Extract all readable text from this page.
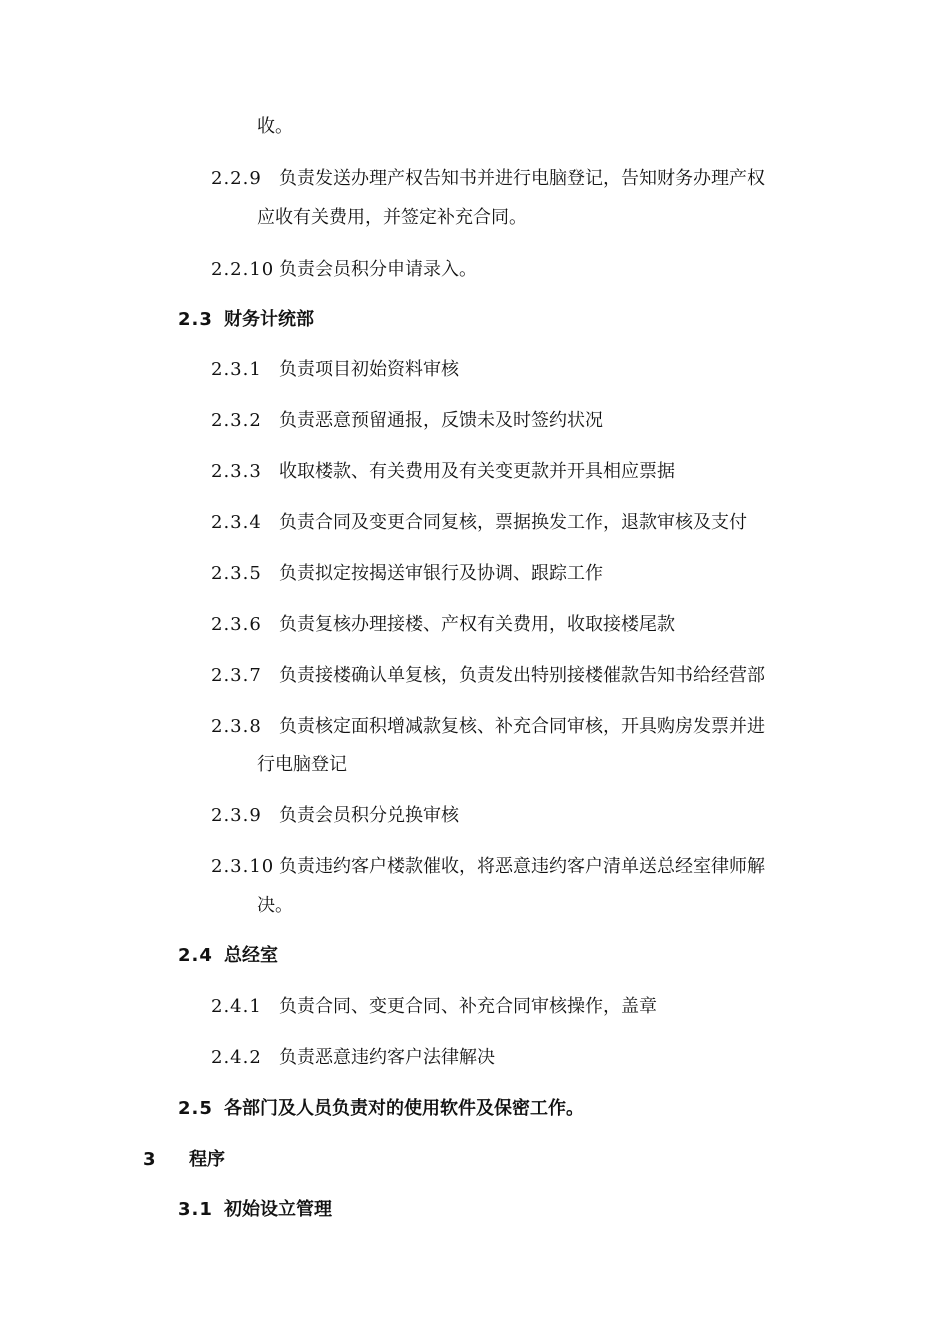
收。
2.2.9 负责发送办理产权告知书并进行电脑登记，告知财务办理产权
应收有关费用，并签定补充合同。
2.2.10 负责会员积分申请录入。
2.3 财务计统部
2.3.1 负责项目初始资料审核
2.3.2 负责恶意预留通报，反馈未及时签约状况
2.3.3 收取楼款、有关费用及有关变更款并开具相应票据
2.3.4 负责合同及变更合同复核，票据换发工作，退款审核及支付
2.3.5 负责拟定按揭送审银行及协调、跟踪工作
2.3.6 负责复核办理接楼、产权有关费用，收取接楼尾款
2.3.7 负责接楼确认单复核，负责发出特别接楼催款告知书给经营部
2.3.8 负责核定面积增减款复核、补充合同审核，开具购房发票并进
行电脑登记
2.3.9 负责会员积分兑换审核
2.3.10 负责违约客户楼款催收，将恶意违约客户清单送总经室律师解
决。
2.4 总经室
2.4.1 负责合同、变更合同、补充合同审核操作，盖章
2.4.2 负责恶意违约客户法律解决
2.5 各部门及人员负责对的使用软件及保密工作。
3 程序
3.1 初始设立管理
